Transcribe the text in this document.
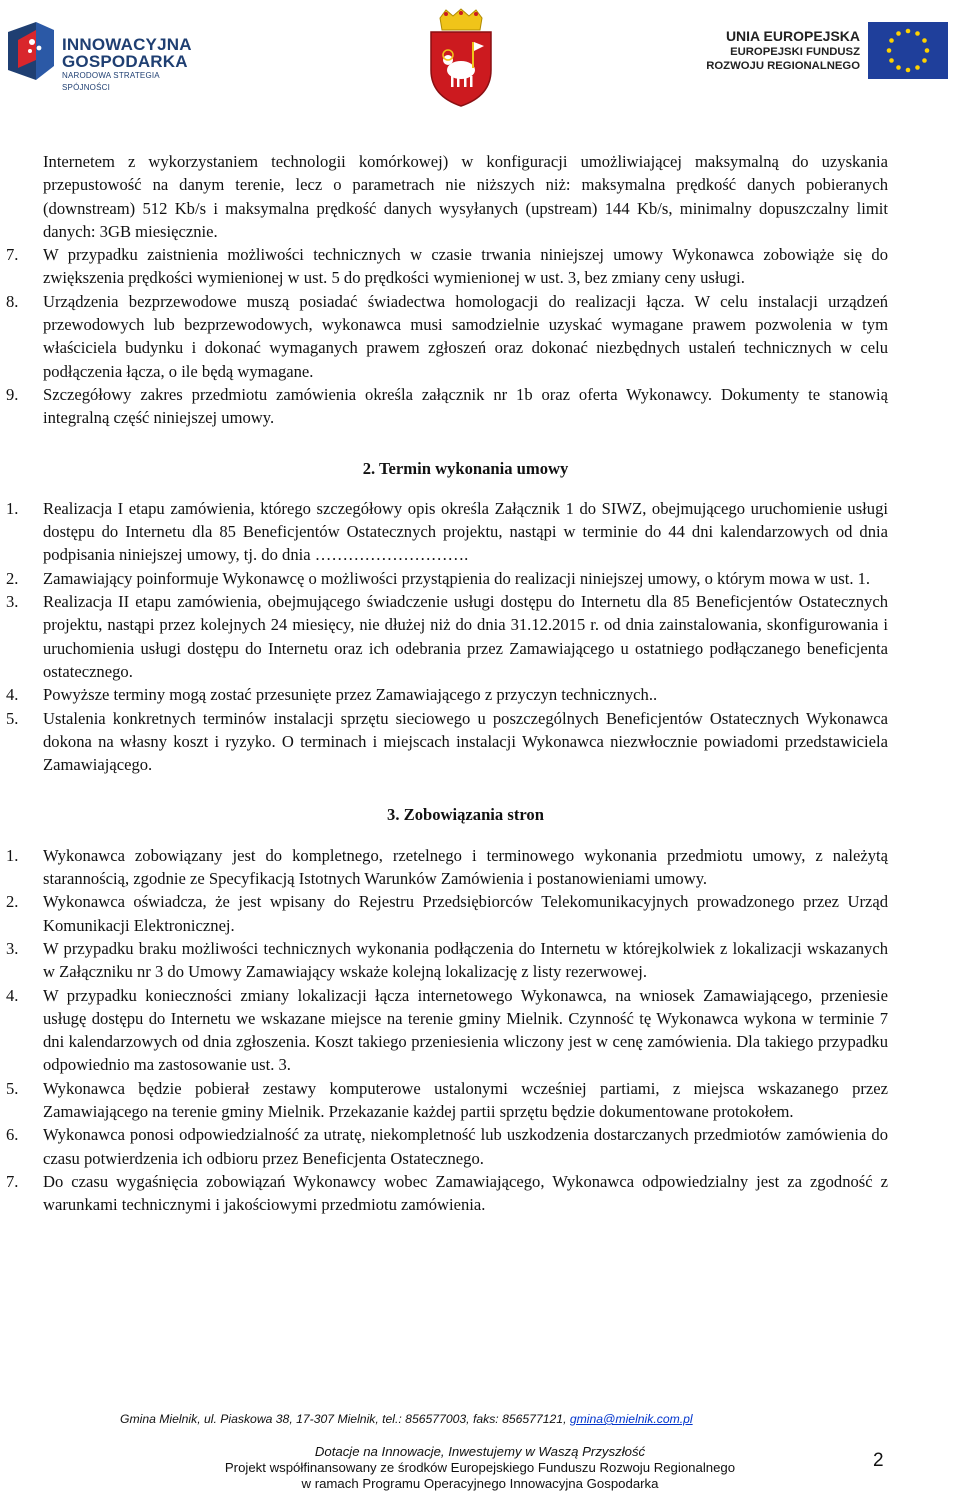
INNOWACYJNA
GOSPODARKA
NARODOWA STRATEGIA SPÓJNOŚCI
UNIA EUROPEJSKA
EUROPEJSKI FUNDUSZ
ROZWOJU REGIONALNEGO
Internetem z wykorzystaniem technologii komórkowej) w konfiguracji umożliwiającej maksymalną do uzyskania przepustowość na danym terenie, lecz o parametrach nie niższych niż: maksymalna prędkość danych pobieranych (downstream) 512 Kb/s i maksymalna prędkość danych wysyłanych (upstream) 144 Kb/s, minimalny dopuszczalny limit danych: 3GB miesięcznie.
7. W przypadku zaistnienia możliwości technicznych w czasie trwania niniejszej umowy Wykonawca zobowiąże się do zwiększenia prędkości wymienionej w ust. 5 do prędkości wymienionej w ust. 3, bez zmiany ceny usługi.
8. Urządzenia bezprzewodowe muszą posiadać świadectwa homologacji do realizacji łącza. W celu instalacji urządzeń przewodowych lub bezprzewodowych, wykonawca musi samodzielnie uzyskać wymagane prawem pozwolenia w tym właściciela budynku i dokonać wymaganych prawem zgłoszeń oraz dokonać niezbędnych ustaleń technicznych w celu podłączenia łącza, o ile będą wymagane.
9. Szczegółowy zakres przedmiotu zamówienia określa załącznik nr 1b oraz oferta Wykonawcy. Dokumenty te stanowią integralną część niniejszej umowy.
2. Termin wykonania umowy
1. Realizacja I etapu zamówienia, którego szczegółowy opis określa Załącznik 1 do SIWZ, obejmującego uruchomienie usługi dostępu do Internetu dla 85 Beneficjentów Ostatecznych projektu, nastąpi w terminie do 44 dni kalendarzowych od dnia podpisania niniejszej umowy, tj. do dnia ……………………….
2. Zamawiający poinformuje Wykonawcę o możliwości przystąpienia do realizacji niniejszej umowy, o którym mowa w ust. 1.
3. Realizacja II etapu zamówienia, obejmującego świadczenie usługi dostępu do Internetu dla 85 Beneficjentów Ostatecznych projektu, nastąpi przez kolejnych 24 miesięcy, nie dłużej niż do dnia 31.12.2015 r. od dnia zainstalowania, skonfigurowania i uruchomienia usługi dostępu do Internetu oraz ich odebrania przez Zamawiającego u ostatniego podłączanego beneficjenta ostatecznego.
4. Powyższe terminy mogą zostać przesunięte przez Zamawiającego z przyczyn technicznych..
5. Ustalenia konkretnych terminów instalacji sprzętu sieciowego u poszczególnych Beneficjentów Ostatecznych Wykonawca dokona na własny koszt i ryzyko. O terminach i miejscach instalacji Wykonawca niezwłocznie powiadomi przedstawiciela Zamawiającego.
3. Zobowiązania stron
1. Wykonawca zobowiązany jest do kompletnego, rzetelnego i terminowego wykonania przedmiotu umowy, z należytą starannością, zgodnie ze Specyfikacją Istotnych Warunków Zamówienia i postanowieniami umowy.
2. Wykonawca oświadcza, że jest wpisany do Rejestru Przedsiębiorców Telekomunikacyjnych prowadzonego przez Urząd Komunikacji Elektronicznej.
3. W przypadku braku możliwości technicznych wykonania podłączenia do Internetu w którejkolwiek z lokalizacji wskazanych w Załączniku nr 3 do Umowy Zamawiający wskaże kolejną lokalizację z listy rezerwowej.
4. W przypadku konieczności zmiany lokalizacji łącza internetowego Wykonawca, na wniosek Zamawiającego, przeniesie usługę dostępu do Internetu we wskazane miejsce na terenie gminy Mielnik. Czynność tę Wykonawca wykona w terminie 7 dni kalendarzowych od dnia zgłoszenia. Koszt takiego przeniesienia wliczony jest w cenę zamówienia. Dla takiego przypadku odpowiednio ma zastosowanie ust. 3.
5. Wykonawca będzie pobierał zestawy komputerowe ustalonymi wcześniej partiami, z miejsca wskazanego przez Zamawiającego na terenie gminy Mielnik. Przekazanie każdej partii sprzętu będzie dokumentowane protokołem.
6. Wykonawca ponosi odpowiedzialność za utratę, niekompletność lub uszkodzenia dostarczanych przedmiotów zamówienia do czasu potwierdzenia ich odbioru przez Beneficjenta Ostatecznego.
7. Do czasu wygaśnięcia zobowiązań Wykonawcy wobec Zamawiającego, Wykonawca odpowiedzialny jest za zgodność z warunkami technicznymi i jakościowymi przedmiotu zamówienia.
Gmina Mielnik, ul. Piaskowa 38, 17-307 Mielnik, tel.: 856577003, faks: 856577121, gmina@mielnik.com.pl
Dotacje na Innowacje, Inwestujemy w Waszą Przyszłość
Projekt współfinansowany ze środków Europejskiego Funduszu Rozwoju Regionalnego
w ramach Programu Operacyjnego Innowacyjna Gospodarka
2
